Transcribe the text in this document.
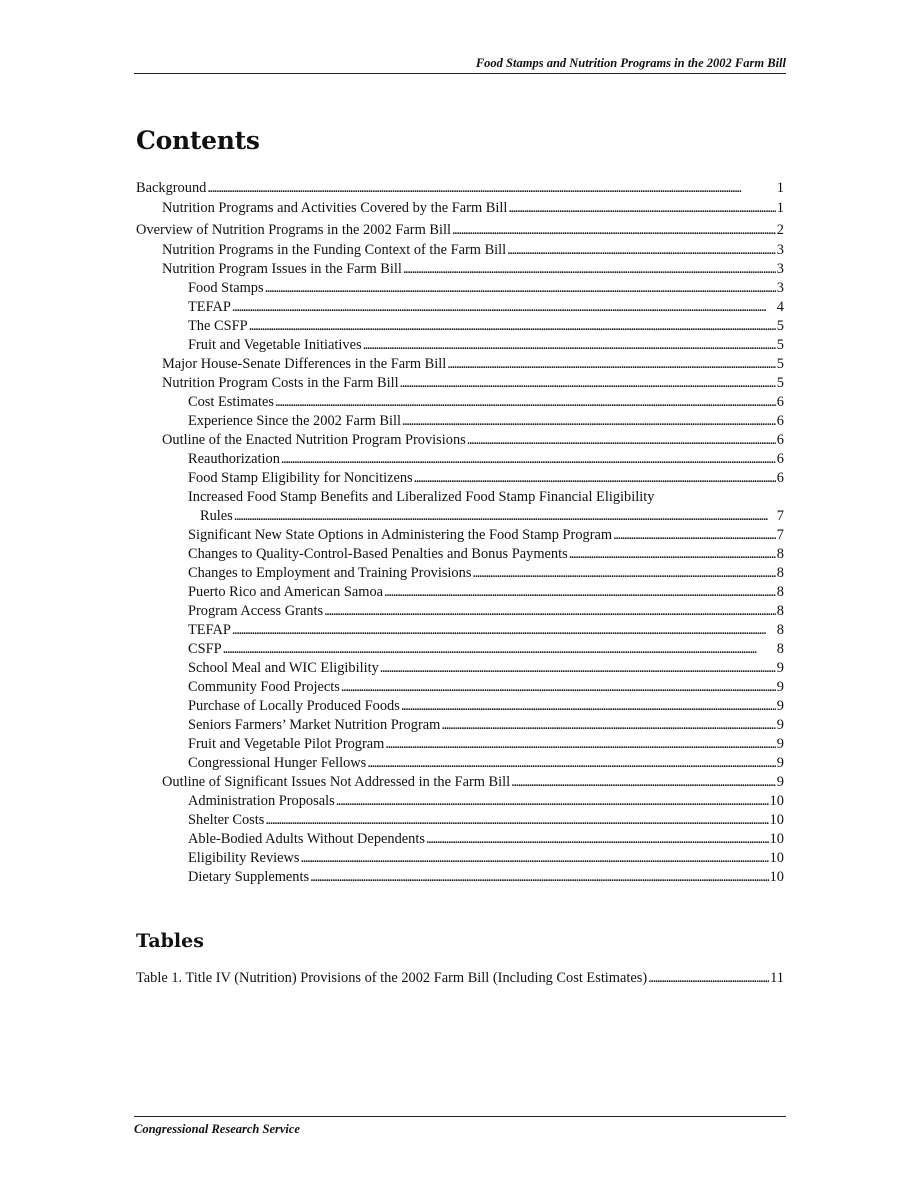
Food Stamps and Nutrition Programs in the 2002 Farm Bill
Contents
Background . . .	1
Nutrition Programs and Activities Covered by the Farm Bill . . .	1
Overview of Nutrition Programs in the 2002 Farm Bill . . .	2
Nutrition Programs in the Funding Context of the Farm Bill . . .	3
Nutrition Program Issues in the Farm Bill . . .	3
Food Stamps . . .	3
TEFAP . . .	4
The CSFP . . .	5
Fruit and Vegetable Initiatives . . .	5
Major House-Senate Differences in the Farm Bill . . .	5
Nutrition Program Costs in the Farm Bill . . .	5
Cost Estimates . . .	6
Experience Since the 2002 Farm Bill . . .	6
Outline of the Enacted Nutrition Program Provisions . . .	6
Reauthorization . . .	6
Food Stamp Eligibility for Noncitizens . . .	6
Increased Food Stamp Benefits and Liberalized Food Stamp Financial Eligibility
Rules . . .	7
Significant New State Options in Administering the Food Stamp Program . . .	7
Changes to Quality-Control-Based Penalties and Bonus Payments . . .	8
Changes to Employment and Training Provisions . . .	8
Puerto Rico and American Samoa . . .	8
Program Access Grants . . .	8
TEFAP . . .	8
CSFP . . .	8
School Meal and WIC Eligibility . . .	9
Community Food Projects . . .	9
Purchase of Locally Produced Foods . . .	9
Seniors Farmers’ Market Nutrition Program . . .	9
Fruit and Vegetable Pilot Program . . .	9
Congressional Hunger Fellows . . .	9
Outline of Significant Issues Not Addressed in the Farm Bill . . .	9
Administration Proposals . . .	10
Shelter Costs . . .	10
Able-Bodied Adults Without Dependents . . .	10
Eligibility Reviews . . .	10
Dietary Supplements . . .	10
Tables
Table 1. Title IV (Nutrition) Provisions of the 2002 Farm Bill (Including Cost Estimates) . . .	11
Congressional Research Service
